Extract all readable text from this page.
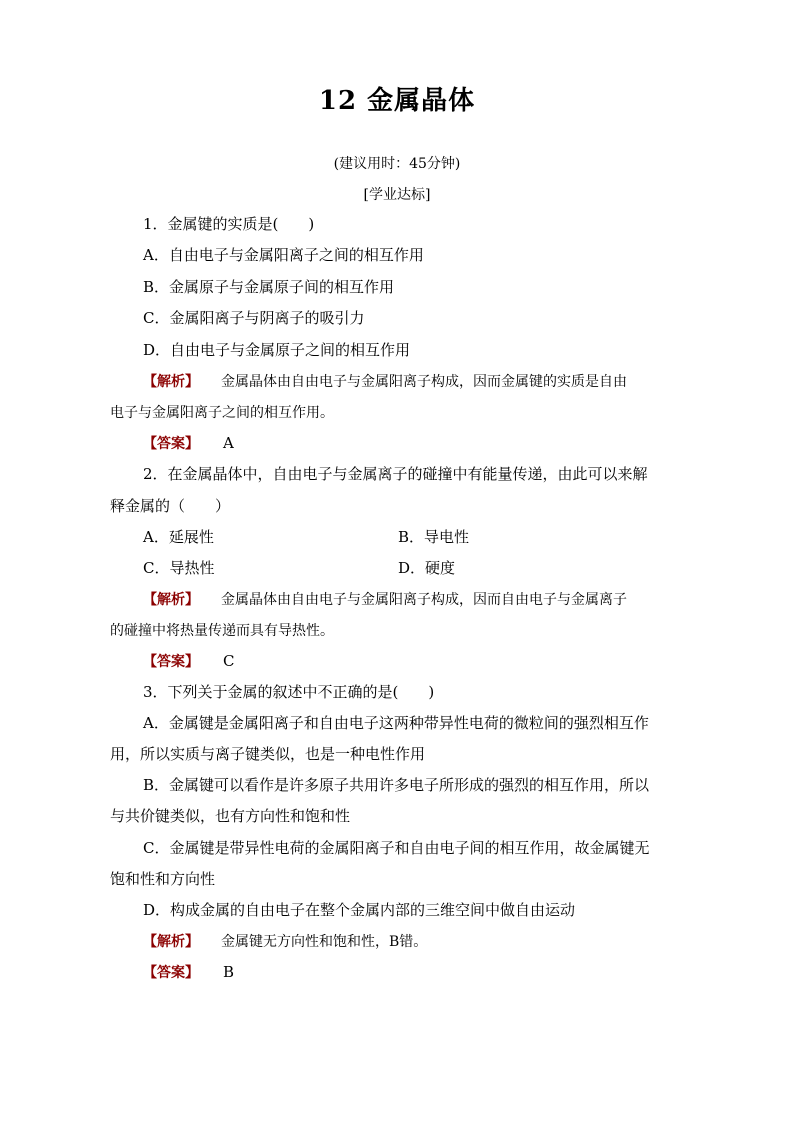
12 金属晶体
(建议用时：45分钟)
[学业达标]
1．金属键的实质是(　　)
A．自由电子与金属阳离子之间的相互作用
B．金属原子与金属原子间的相互作用
C．金属阳离子与阴离子的吸引力
D．自由电子与金属原子之间的相互作用
【解析】 金属晶体由自由电子与金属阳离子构成，因而金属键的实质是自由
电子与金属阳离子之间的相互作用。
【答案】 A
2．在金属晶体中，自由电子与金属离子的碰撞中有能量传递，由此可以来解
释金属的（　　）
A．延展性	B．导电性
C．导热性	D．硬度
【解析】 金属晶体由自由电子与金属阳离子构成，因而自由电子与金属离子
的碰撞中将热量传递而具有导热性。
【答案】 C
3．下列关于金属的叙述中不正确的是(　　)
A．金属键是金属阳离子和自由电子这两种带异性电荷的微粒间的强烈相互作
用，所以实质与离子键类似，也是一种电性作用
B．金属键可以看作是许多原子共用许多电子所形成的强烈的相互作用，所以
与共价键类似，也有方向性和饱和性
C．金属键是带异性电荷的金属阳离子和自由电子间的相互作用，故金属键无
饱和性和方向性
D．构成金属的自由电子在整个金属内部的三维空间中做自由运动
【解析】 金属键无方向性和饱和性，B错。
【答案】 B
